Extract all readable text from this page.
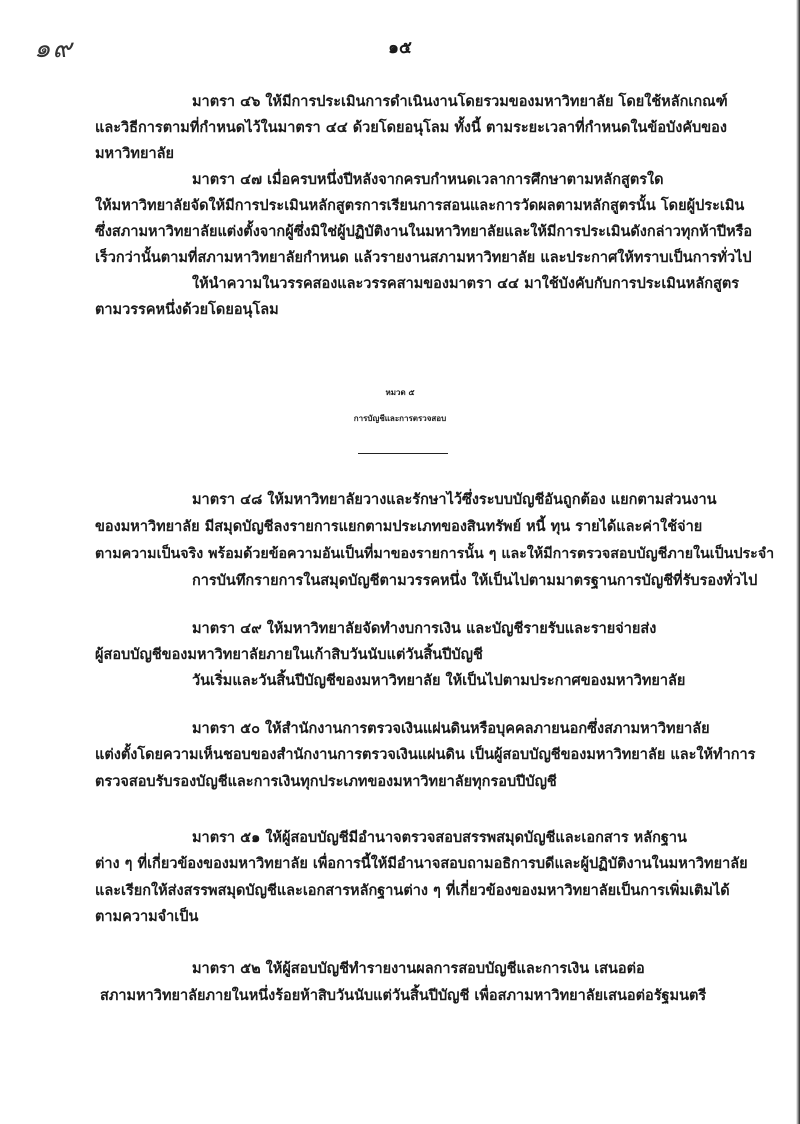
๑๙	๑๕
มาตรา ๔๖ ให้มีการประเมินการดำเนินงานโดยรวมของมหาวิทยาลัย โดยใช้หลักเกณฑ์
และวิธีการตามที่กำหนดไว้ในมาตรา ๔๔ ด้วยโดยอนุโลม ทั้งนี้ ตามระยะเวลาที่กำหนดในข้อบังคับของ
มหาวิทยาลัย
มาตรา ๔๗ เมื่อครบหนึ่งปีหลังจากครบกำหนดเวลาการศึกษาตามหลักสูตรใด
ให้มหาวิทยาลัยจัดให้มีการประเมินหลักสูตรการเรียนการสอนและการวัดผลตามหลักสูตรนั้น โดยผู้ประเมิน
ซึ่งสภามหาวิทยาลัยแต่งตั้งจากผู้ซึ่งมิใช่ผู้ปฏิบัติงานในมหาวิทยาลัยและให้มีการประเมินดังกล่าวทุกห้าปีหรือ
เร็วกว่านั้นตามที่สภามหาวิทยาลัยกำหนด แล้วรายงานสภามหาวิทยาลัย และประกาศให้ทราบเป็นการทั่วไป
ให้นำความในวรรคสองและวรรคสามของมาตรา ๔๔ มาใช้บังคับกับการประเมินหลักสูตร
ตามวรรคหนึ่งด้วยโดยอนุโลม
หมวด ๕
การบัญชีและการตรวจสอบ
มาตรา ๔๘ ให้มหาวิทยาลัยวางและรักษาไว้ซึ่งระบบบัญชีอันถูกต้อง แยกตามส่วนงาน
ของมหาวิทยาลัย มีสมุดบัญชีลงรายการแยกตามประเภทของสินทรัพย์ หนี้ ทุน รายได้และค่าใช้จ่าย
ตามความเป็นจริง พร้อมด้วยข้อความอันเป็นที่มาของรายการนั้น ๆ และให้มีการตรวจสอบบัญชีภายในเป็นประจำ
การบันทึกรายการในสมุดบัญชีตามวรรคหนึ่ง ให้เป็นไปตามมาตรฐานการบัญชีที่รับรองทั่วไป
มาตรา ๔๙ ให้มหาวิทยาลัยจัดทำงบการเงิน และบัญชีรายรับและรายจ่ายส่ง
ผู้สอบบัญชีของมหาวิทยาลัยภายในเก้าสิบวันนับแต่วันสิ้นปีบัญชี
วันเริ่มและวันสิ้นปีบัญชีของมหาวิทยาลัย ให้เป็นไปตามประกาศของมหาวิทยาลัย
มาตรา ๕๐ ให้สำนักงานการตรวจเงินแผ่นดินหรือบุคคลภายนอกซึ่งสภามหาวิทยาลัย
แต่งตั้งโดยความเห็นชอบของสำนักงานการตรวจเงินแผ่นดิน เป็นผู้สอบบัญชีของมหาวิทยาลัย และให้ทำการ
ตรวจสอบรับรองบัญชีและการเงินทุกประเภทของมหาวิทยาลัยทุกรอบปีบัญชี
มาตรา ๕๑ ให้ผู้สอบบัญชีมีอำนาจตรวจสอบสรรพสมุดบัญชีและเอกสาร หลักฐาน
ต่าง ๆ ที่เกี่ยวข้องของมหาวิทยาลัย เพื่อการนี้ให้มีอำนาจสอบถามอธิการบดีและผู้ปฏิบัติงานในมหาวิทยาลัย
และเรียกให้ส่งสรรพสมุดบัญชีและเอกสารหลักฐานต่าง ๆ ที่เกี่ยวข้องของมหาวิทยาลัยเป็นการเพิ่มเติมได้
ตามความจำเป็น
มาตรา ๕๒ ให้ผู้สอบบัญชีทำรายงานผลการสอบบัญชีและการเงิน เสนอต่อ
สภามหาวิทยาลัยภายในหนึ่งร้อยห้าสิบวันนับแต่วันสิ้นปีบัญชี เพื่อสภามหาวิทยาลัยเสนอต่อรัฐมนตรี
